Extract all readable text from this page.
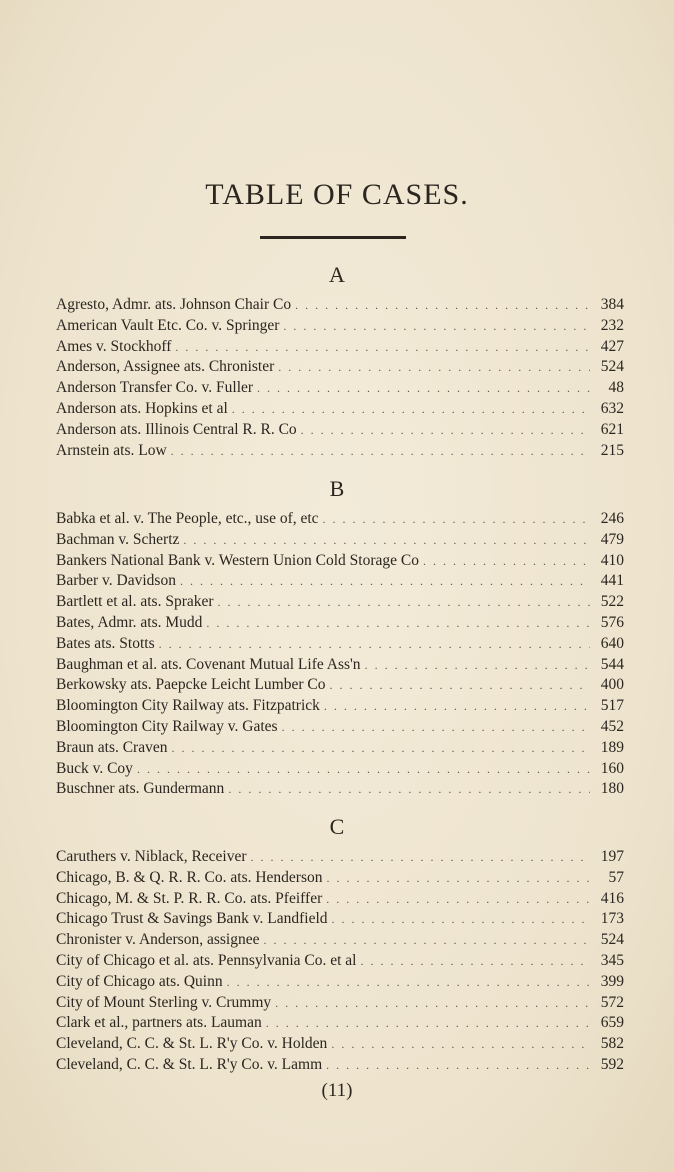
TABLE OF CASES.
A
Agresto, Admr. ats. Johnson Chair Co . . .	384
American Vault Etc. Co. v. Springer . . .	232
Ames v. Stockhoff . . .	427
Anderson, Assignee ats. Chronister . . .	524
Anderson Transfer Co. v. Fuller . . .	48
Anderson ats. Hopkins et al . . .	632
Anderson ats. Illinois Central R. R. Co . . .	621
Arnstein ats. Low . . .	215
B
Babka et al. v. The People, etc., use of, etc . . .	246
Bachman v. Schertz . . .	479
Bankers National Bank v. Western Union Cold Storage Co . . .	410
Barber v. Davidson . . .	441
Bartlett et al. ats. Spraker . . .	522
Bates, Admr. ats. Mudd . . .	576
Bates ats. Stotts . . .	640
Baughman et al. ats. Covenant Mutual Life Ass'n . . .	544
Berkowsky ats. Paepcke Leicht Lumber Co . . .	400
Bloomington City Railway ats. Fitzpatrick . . .	517
Bloomington City Railway v. Gates . . .	452
Braun ats. Craven . . .	189
Buck v. Coy . . .	160
Buschner ats. Gundermann . . .	180
C
Caruthers v. Niblack, Receiver . . .	197
Chicago, B. & Q. R. R. Co. ats. Henderson . . .	57
Chicago, M. & St. P. R. R. Co. ats. Pfeiffer . . .	416
Chicago Trust & Savings Bank v. Landfield . . .	173
Chronister v. Anderson, assignee . . .	524
City of Chicago et al. ats. Pennsylvania Co. et al . . .	345
City of Chicago ats. Quinn . . .	399
City of Mount Sterling v. Crummy . . .	572
Clark et al., partners ats. Lauman . . .	659
Cleveland, C. C. & St. L. R'y Co. v. Holden . . .	582
Cleveland, C. C. & St. L. R'y Co. v. Lamm . . .	592
(11)
